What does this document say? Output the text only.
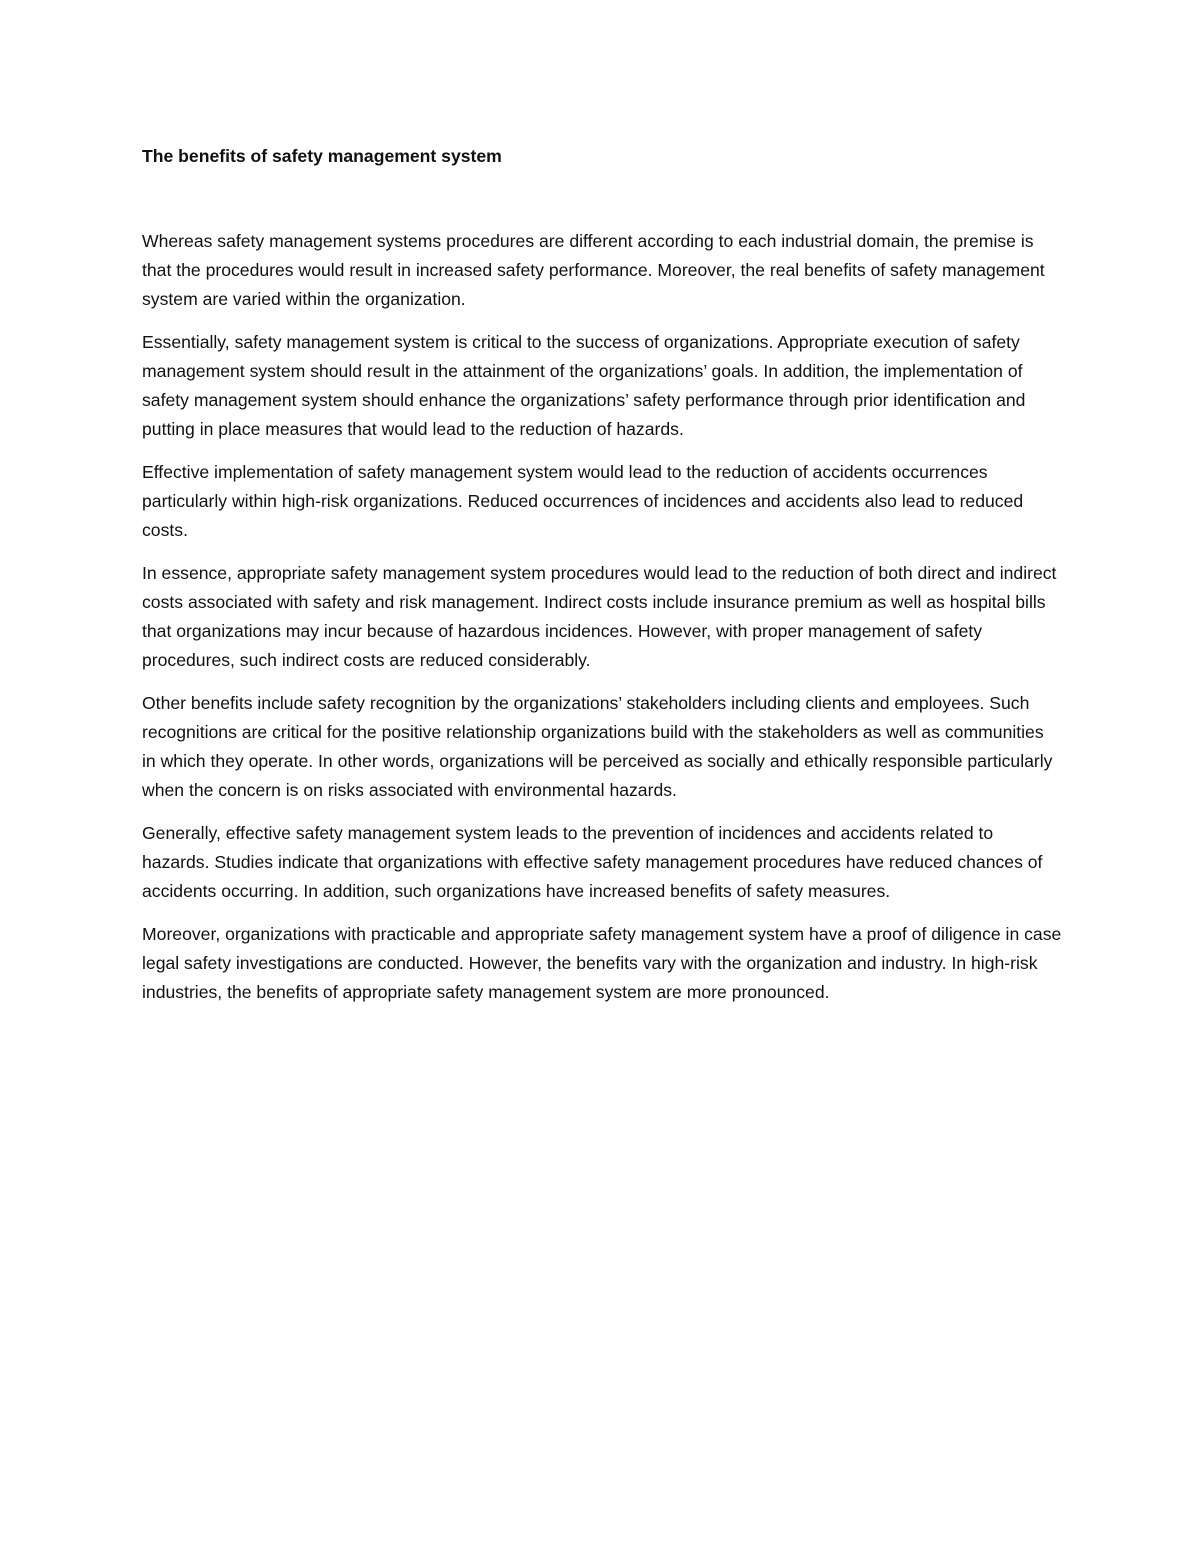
The benefits of safety management system

Whereas safety management systems procedures are different according to each industrial domain, the premise is that the procedures would result in increased safety performance. Moreover, the real benefits of safety management system are varied within the organization.

Essentially, safety management system is critical to the success of organizations. Appropriate execution of safety management system should result in the attainment of the organizations’ goals. In addition, the implementation of safety management system should enhance the organizations’ safety performance through prior identification and putting in place measures that would lead to the reduction of hazards.

Effective implementation of safety management system would lead to the reduction of accidents occurrences particularly within high-risk organizations. Reduced occurrences of incidences and accidents also lead to reduced costs.

In essence, appropriate safety management system procedures would lead to the reduction of both direct and indirect costs associated with safety and risk management. Indirect costs include insurance premium as well as hospital bills that organizations may incur because of hazardous incidences. However, with proper management of safety procedures, such indirect costs are reduced considerably.

Other benefits include safety recognition by the organizations’ stakeholders including clients and employees. Such recognitions are critical for the positive relationship organizations build with the stakeholders as well as communities in which they operate. In other words, organizations will be perceived as socially and ethically responsible particularly when the concern is on risks associated with environmental hazards.

Generally, effective safety management system leads to the prevention of incidences and accidents related to hazards. Studies indicate that organizations with effective safety management procedures have reduced chances of accidents occurring. In addition, such organizations have increased benefits of safety measures.

Moreover, organizations with practicable and appropriate safety management system have a proof of diligence in case legal safety investigations are conducted. However, the benefits vary with the organization and industry. In high-risk industries, the benefits of appropriate safety management system are more pronounced.
